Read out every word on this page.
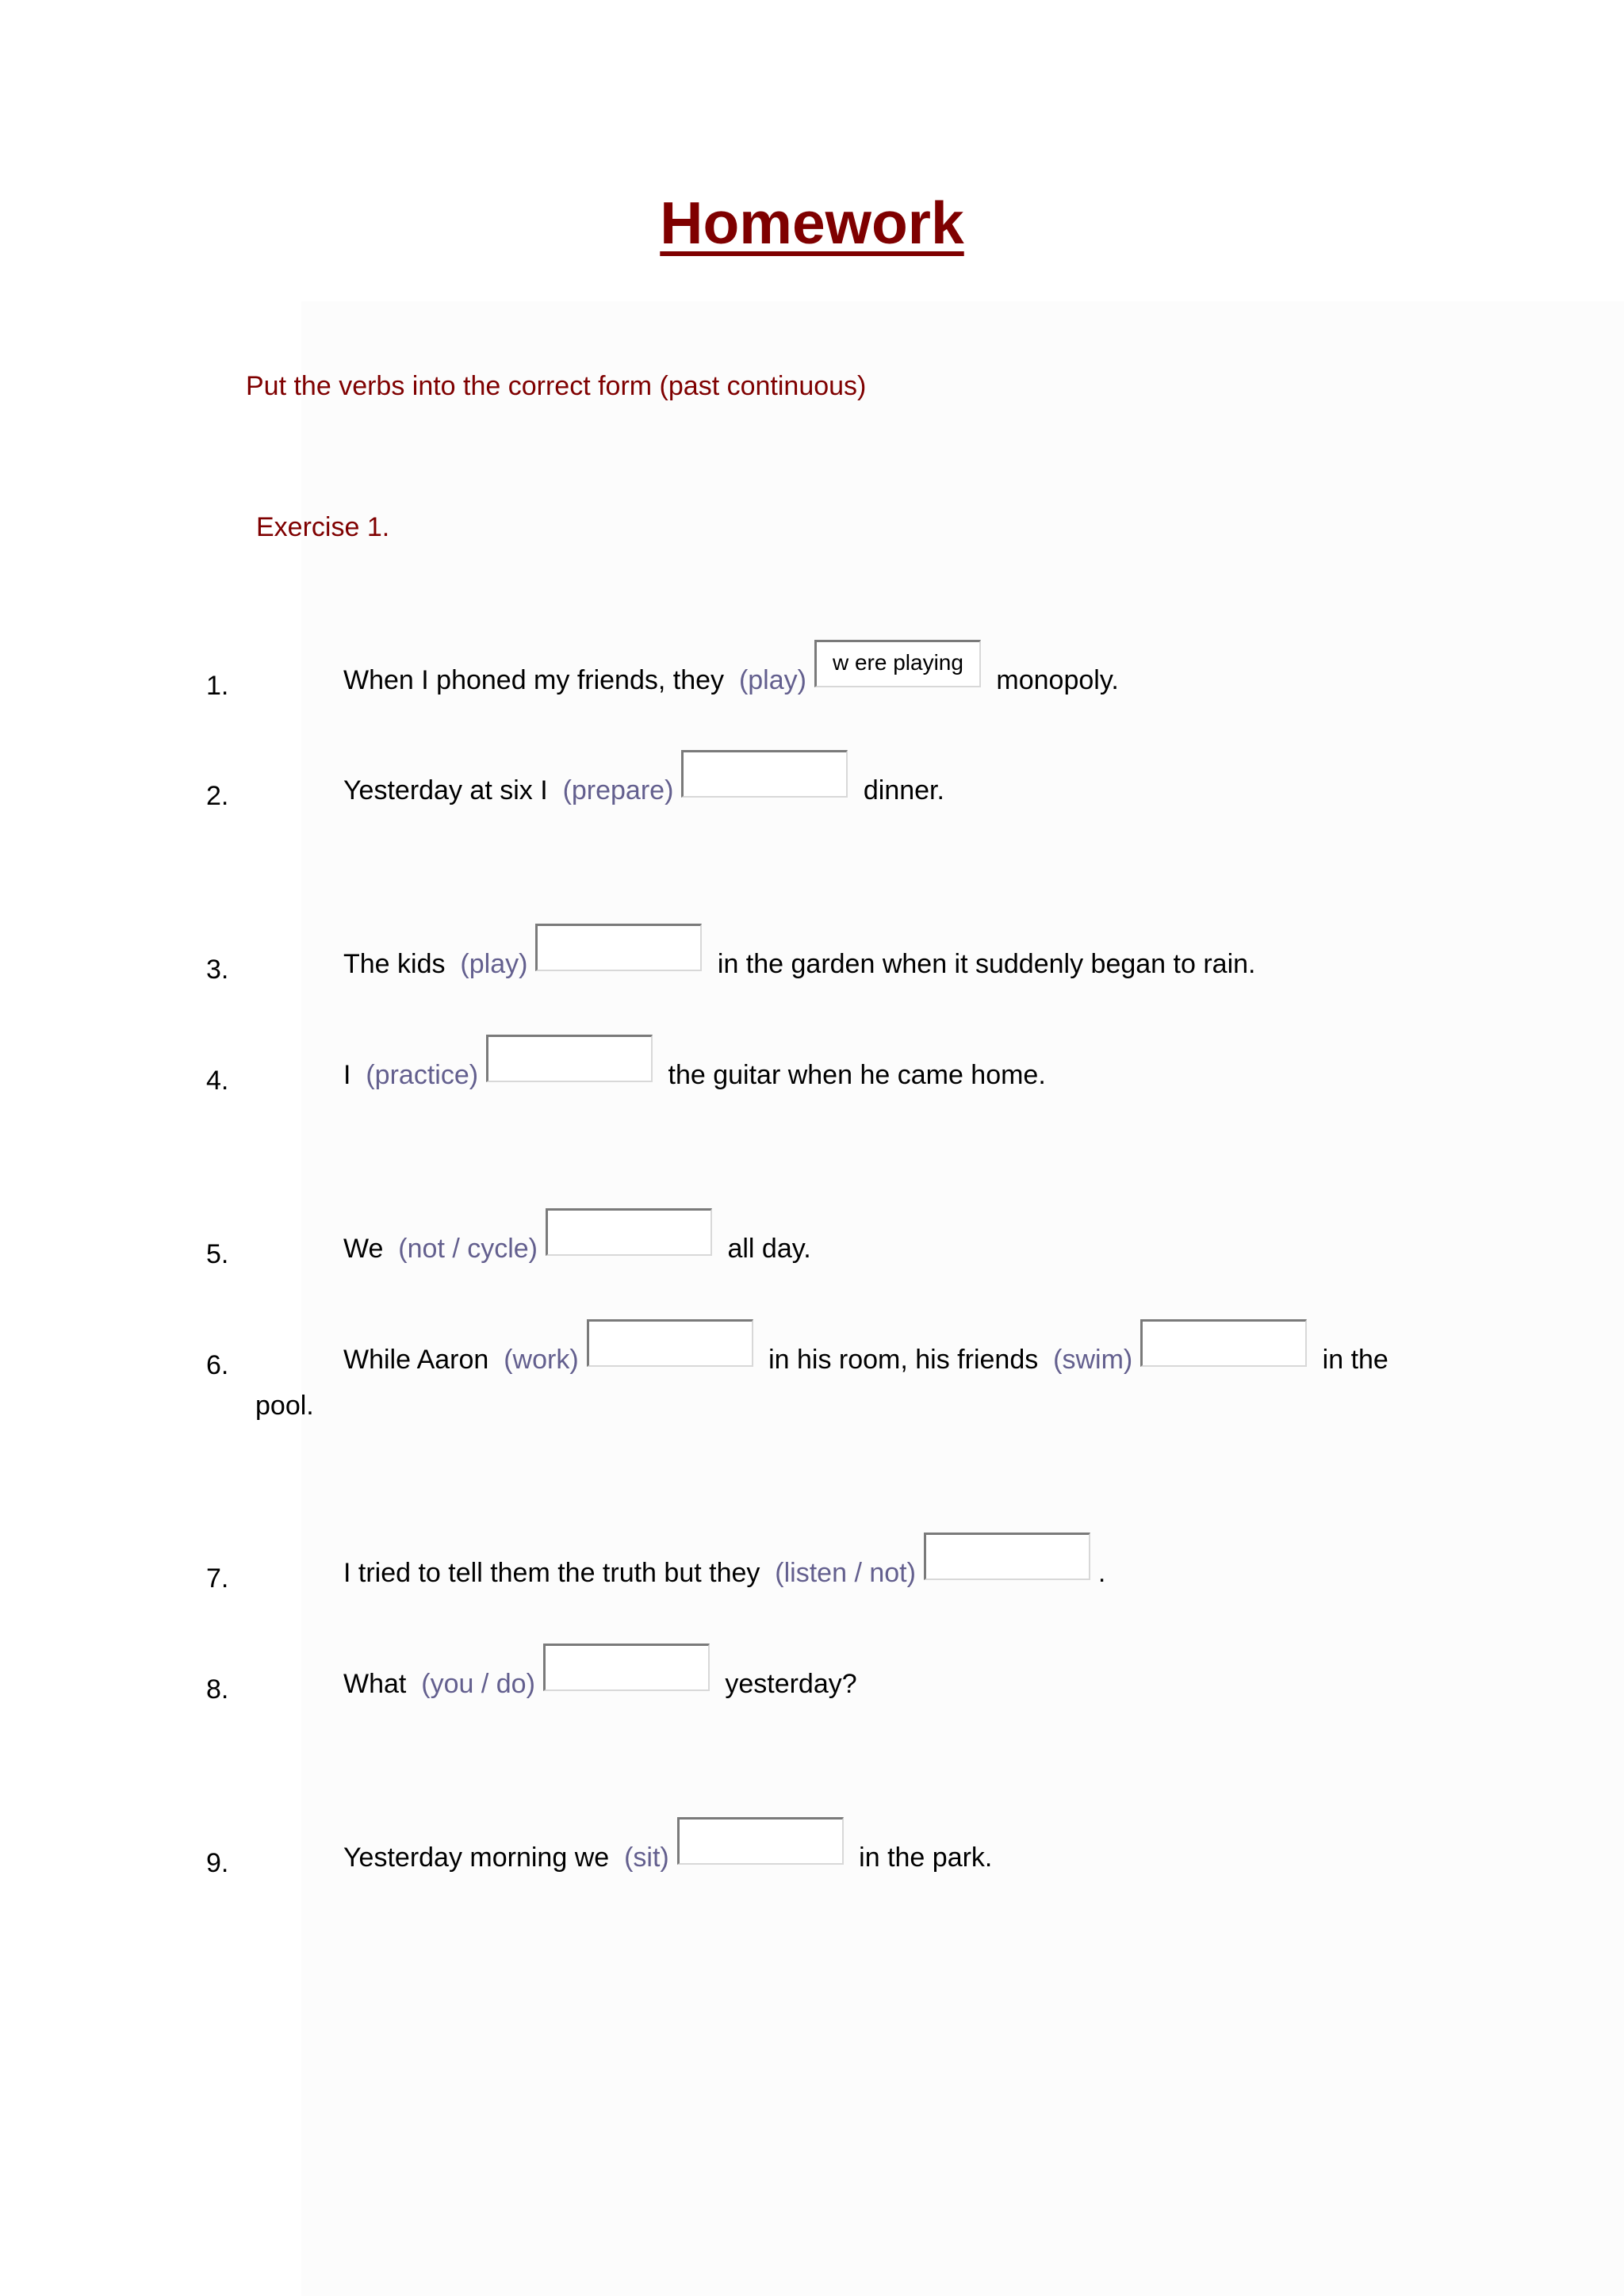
Homework
Put the verbs into the correct form (past continuous)
Exercise 1.
1.	When I phoned my friends, they
(play)
w ere playing
monopoly.
2.	Yesterday at six I
(prepare)	dinner.
3.	The kids
(play)	in the garden when it suddenly began to rain.
4.	I
(practice)	the guitar when he came home.
5.	We
(not / cycle)	all day.
6.	While Aaron
(work)	in his room, his friends
(swim)	in the
pool.
7.	I tried to tell them the truth but they
(listen / not)	.
8.	What
(you / do)	yesterday?
9.	Yesterday morning we
(sit)	in the park.
